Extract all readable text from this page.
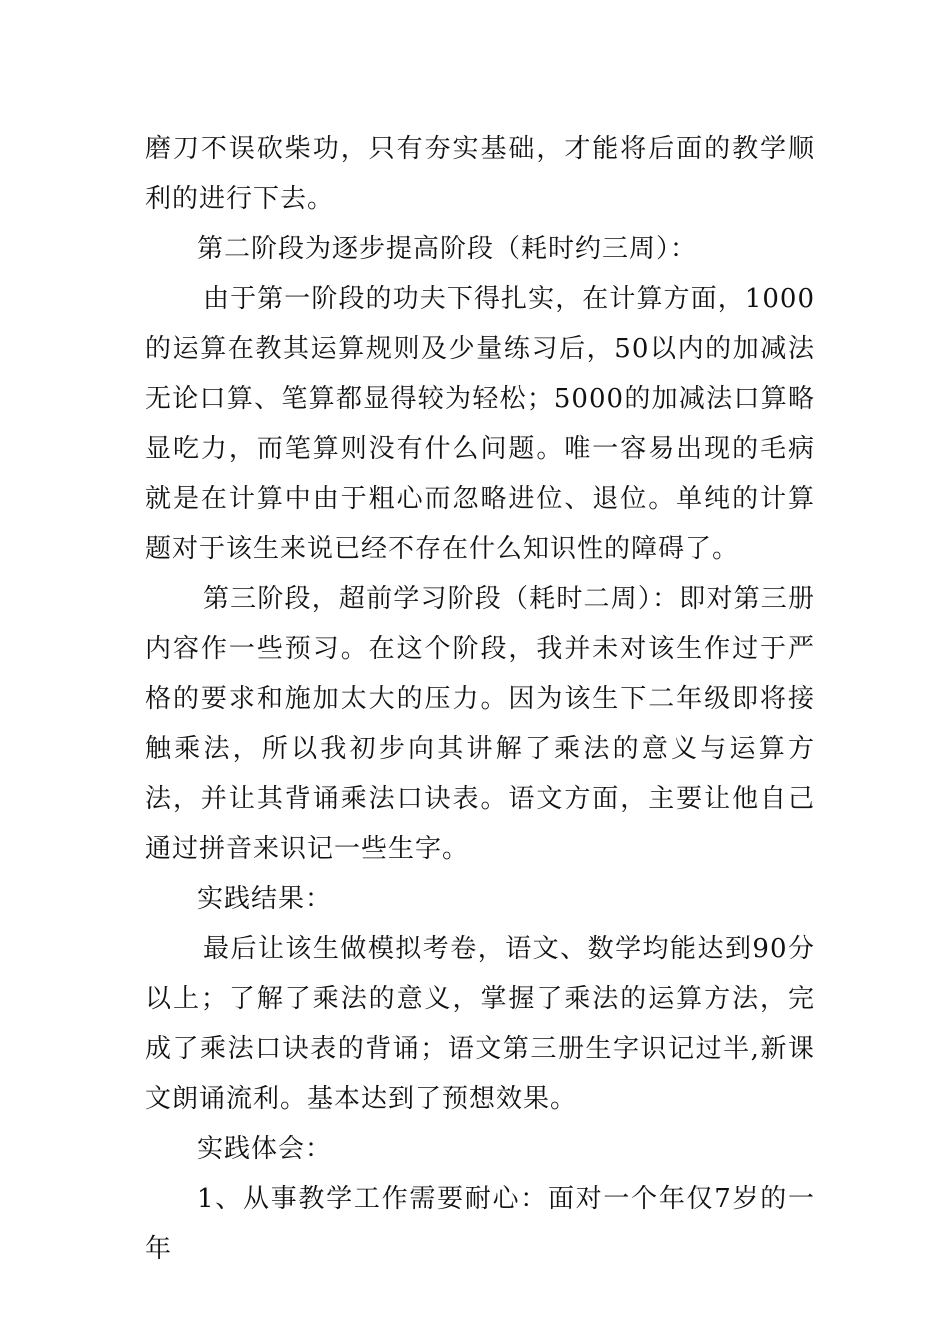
磨刀不误砍柴功，只有夯实基础，才能将后面的教学顺利的进行下去。

第二阶段为逐步提高阶段（耗时约三周）：

由于第一阶段的功夫下得扎实，在计算方面，1000的运算在教其运算规则及少量练习后，50以内的加减法无论口算、笔算都显得较为轻松；5000的加减法口算略显吃力，而笔算则没有什么问题。唯一容易出现的毛病就是在计算中由于粗心而忽略进位、退位。单纯的计算题对于该生来说已经不存在什么知识性的障碍了。

第三阶段，超前学习阶段（耗时二周）：即对第三册内容作一些预习。在这个阶段，我并未对该生作过于严格的要求和施加太大的压力。因为该生下二年级即将接触乘法，所以我初步向其讲解了乘法的意义与运算方法，并让其背诵乘法口诀表。语文方面，主要让他自己通过拼音来识记一些生字。

实践结果：

最后让该生做模拟考卷，语文、数学均能达到90分以上；了解了乘法的意义，掌握了乘法的运算方法，完成了乘法口诀表的背诵；语文第三册生字识记过半,新课文朗诵流利。基本达到了预想效果。

实践体会：

1、从事教学工作需要耐心：面对一个年仅7岁的一年
